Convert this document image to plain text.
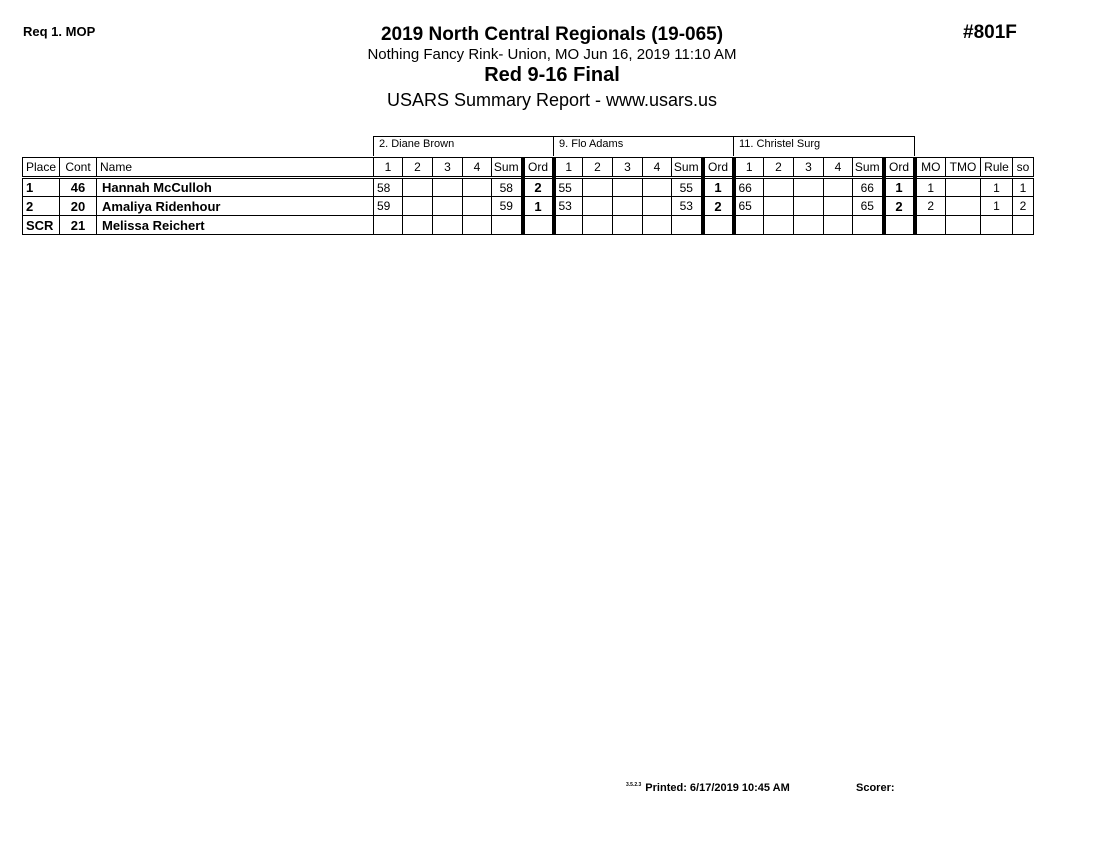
Req 1. MOP	#801F
2019 North Central Regionals (19-065)
Nothing Fancy Rink- Union, MO Jun 16, 2019 11:10 AM
Red 9-16 Final
USARS Summary Report - www.usars.us
2. Diane Brown	9. Flo Adams	11. Christel Surg
Place	Cont	Name	1	2	3	4	Sum	Ord	1	2	3	4	Sum	Ord	1	2	3	4	Sum	Ord	MO	TMO	Rule	so
1	46	Hannah McCulloh	58				58	2	55				55	1	66				66	1	1		1	1
2	20	Amaliya Ridenhour	59				59	1	53				53	2	65				65	2	2		1	2
SCR	21	Melissa Reichert																						
$^{3.5.2.3}$ Printed: 6/17/2019 10:45 AM	Scorer:
